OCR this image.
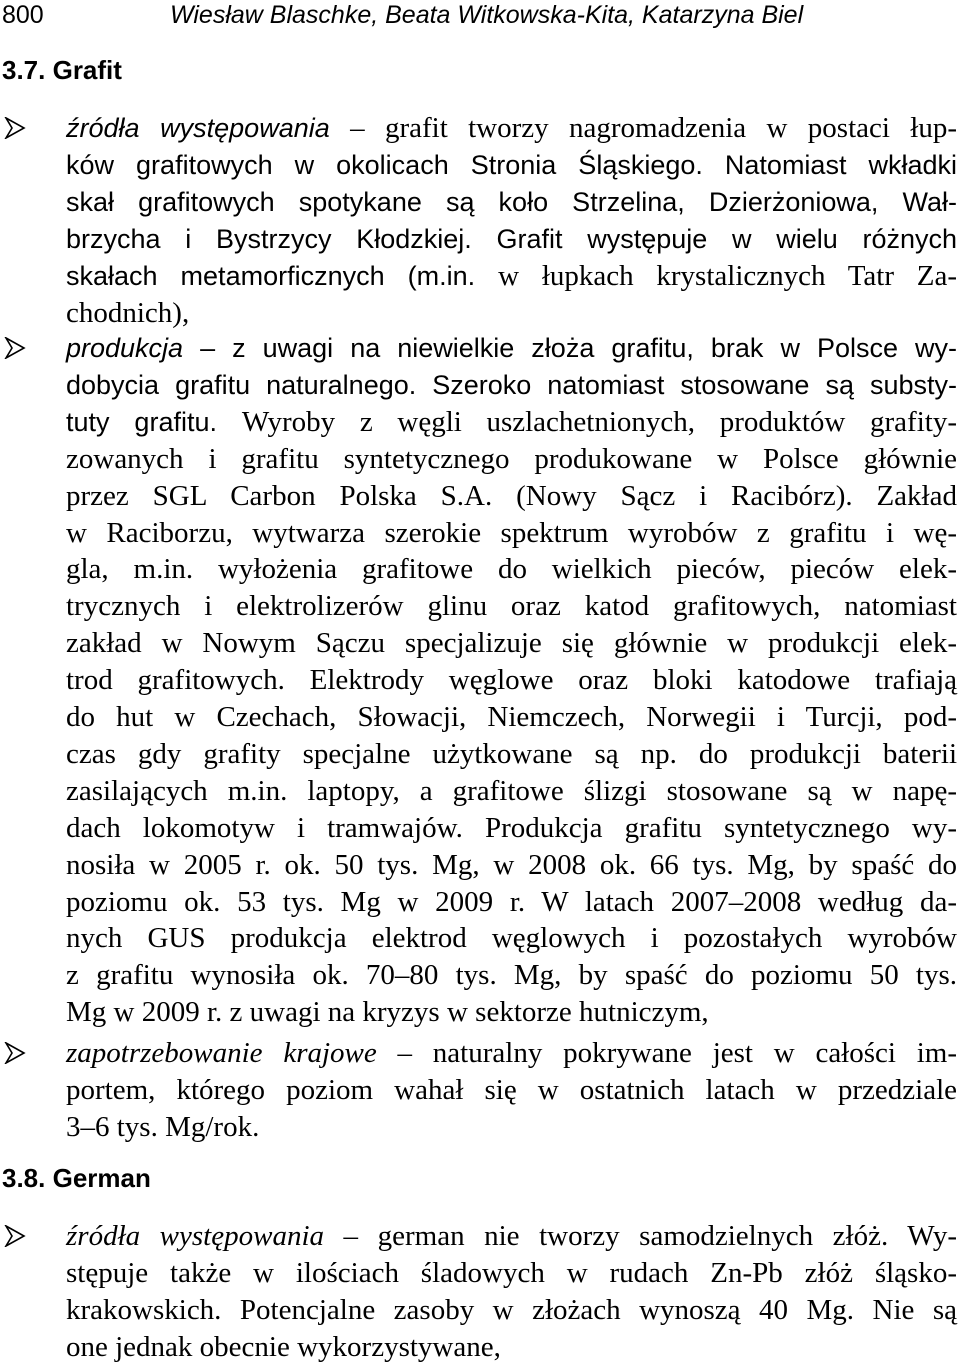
800	Wiesław Blaschke, Beata Witkowska-Kita, Katarzyna Biel
3.7. Grafit
źródła występowania – grafit tworzy nagromadzenia w postaci łup-
ków grafitowych w okolicach Stronia Śląskiego. Natomiast wkładki
skał grafitowych spotykane są koło Strzelina, Dzierżoniowa, Wał-
brzycha i Bystrzycy Kłodzkiej. Grafit występuje w wielu różnych
skałach metamorficznych (m.in. w łupkach krystalicznych Tatr Za-
chodnich),
produkcja – z uwagi na niewielkie złoża grafitu, brak w Polsce wy-
dobycia grafitu naturalnego. Szeroko natomiast stosowane są substy-
tuty grafitu. Wyroby z węgli uszlachetnionych, produktów grafity-
zowanych i grafitu syntetycznego produkowane w Polsce głównie
przez SGL Carbon Polska S.A. (Nowy Sącz i Racibórz). Zakład
w Raciborzu, wytwarza szerokie spektrum wyrobów z grafitu i wę-
gla, m.in. wyłożenia grafitowe do wielkich pieców, pieców elek-
trycznych i elektrolizerów glinu oraz katod grafitowych, natomiast
zakład w Nowym Sączu specjalizuje się głównie w produkcji elek-
trod grafitowych. Elektrody węglowe oraz bloki katodowe trafiają
do hut w Czechach, Słowacji, Niemczech, Norwegii i Turcji, pod-
czas gdy grafity specjalne użytkowane są np. do produkcji baterii
zasilających m.in. laptopy, a grafitowe ślizgi stosowane są w napę-
dach lokomotyw i tramwajów. Produkcja grafitu syntetycznego wy-
nosiła w 2005 r. ok. 50 tys. Mg, w 2008 ok. 66 tys. Mg, by spaść do
poziomu ok. 53 tys. Mg w 2009 r. W latach 2007–2008 według da-
nych GUS produkcja elektrod węglowych i pozostałych wyrobów
z grafitu wynosiła ok. 70–80 tys. Mg, by spaść do poziomu 50 tys.
Mg w 2009 r. z uwagi na kryzys w sektorze hutniczym,
zapotrzebowanie krajowe – naturalny pokrywane jest w całości im-
portem, którego poziom wahał się w ostatnich latach w przedziale
3–6 tys. Mg/rok.
3.8. German
źródła występowania – german nie tworzy samodzielnych złóż. Wy-
stępuje także w ilościach śladowych w rudach Zn-Pb złóż śląsko-
krakowskich. Potencjalne zasoby w złożach wynoszą 40 Mg. Nie są
one jednak obecnie wykorzystywane,
